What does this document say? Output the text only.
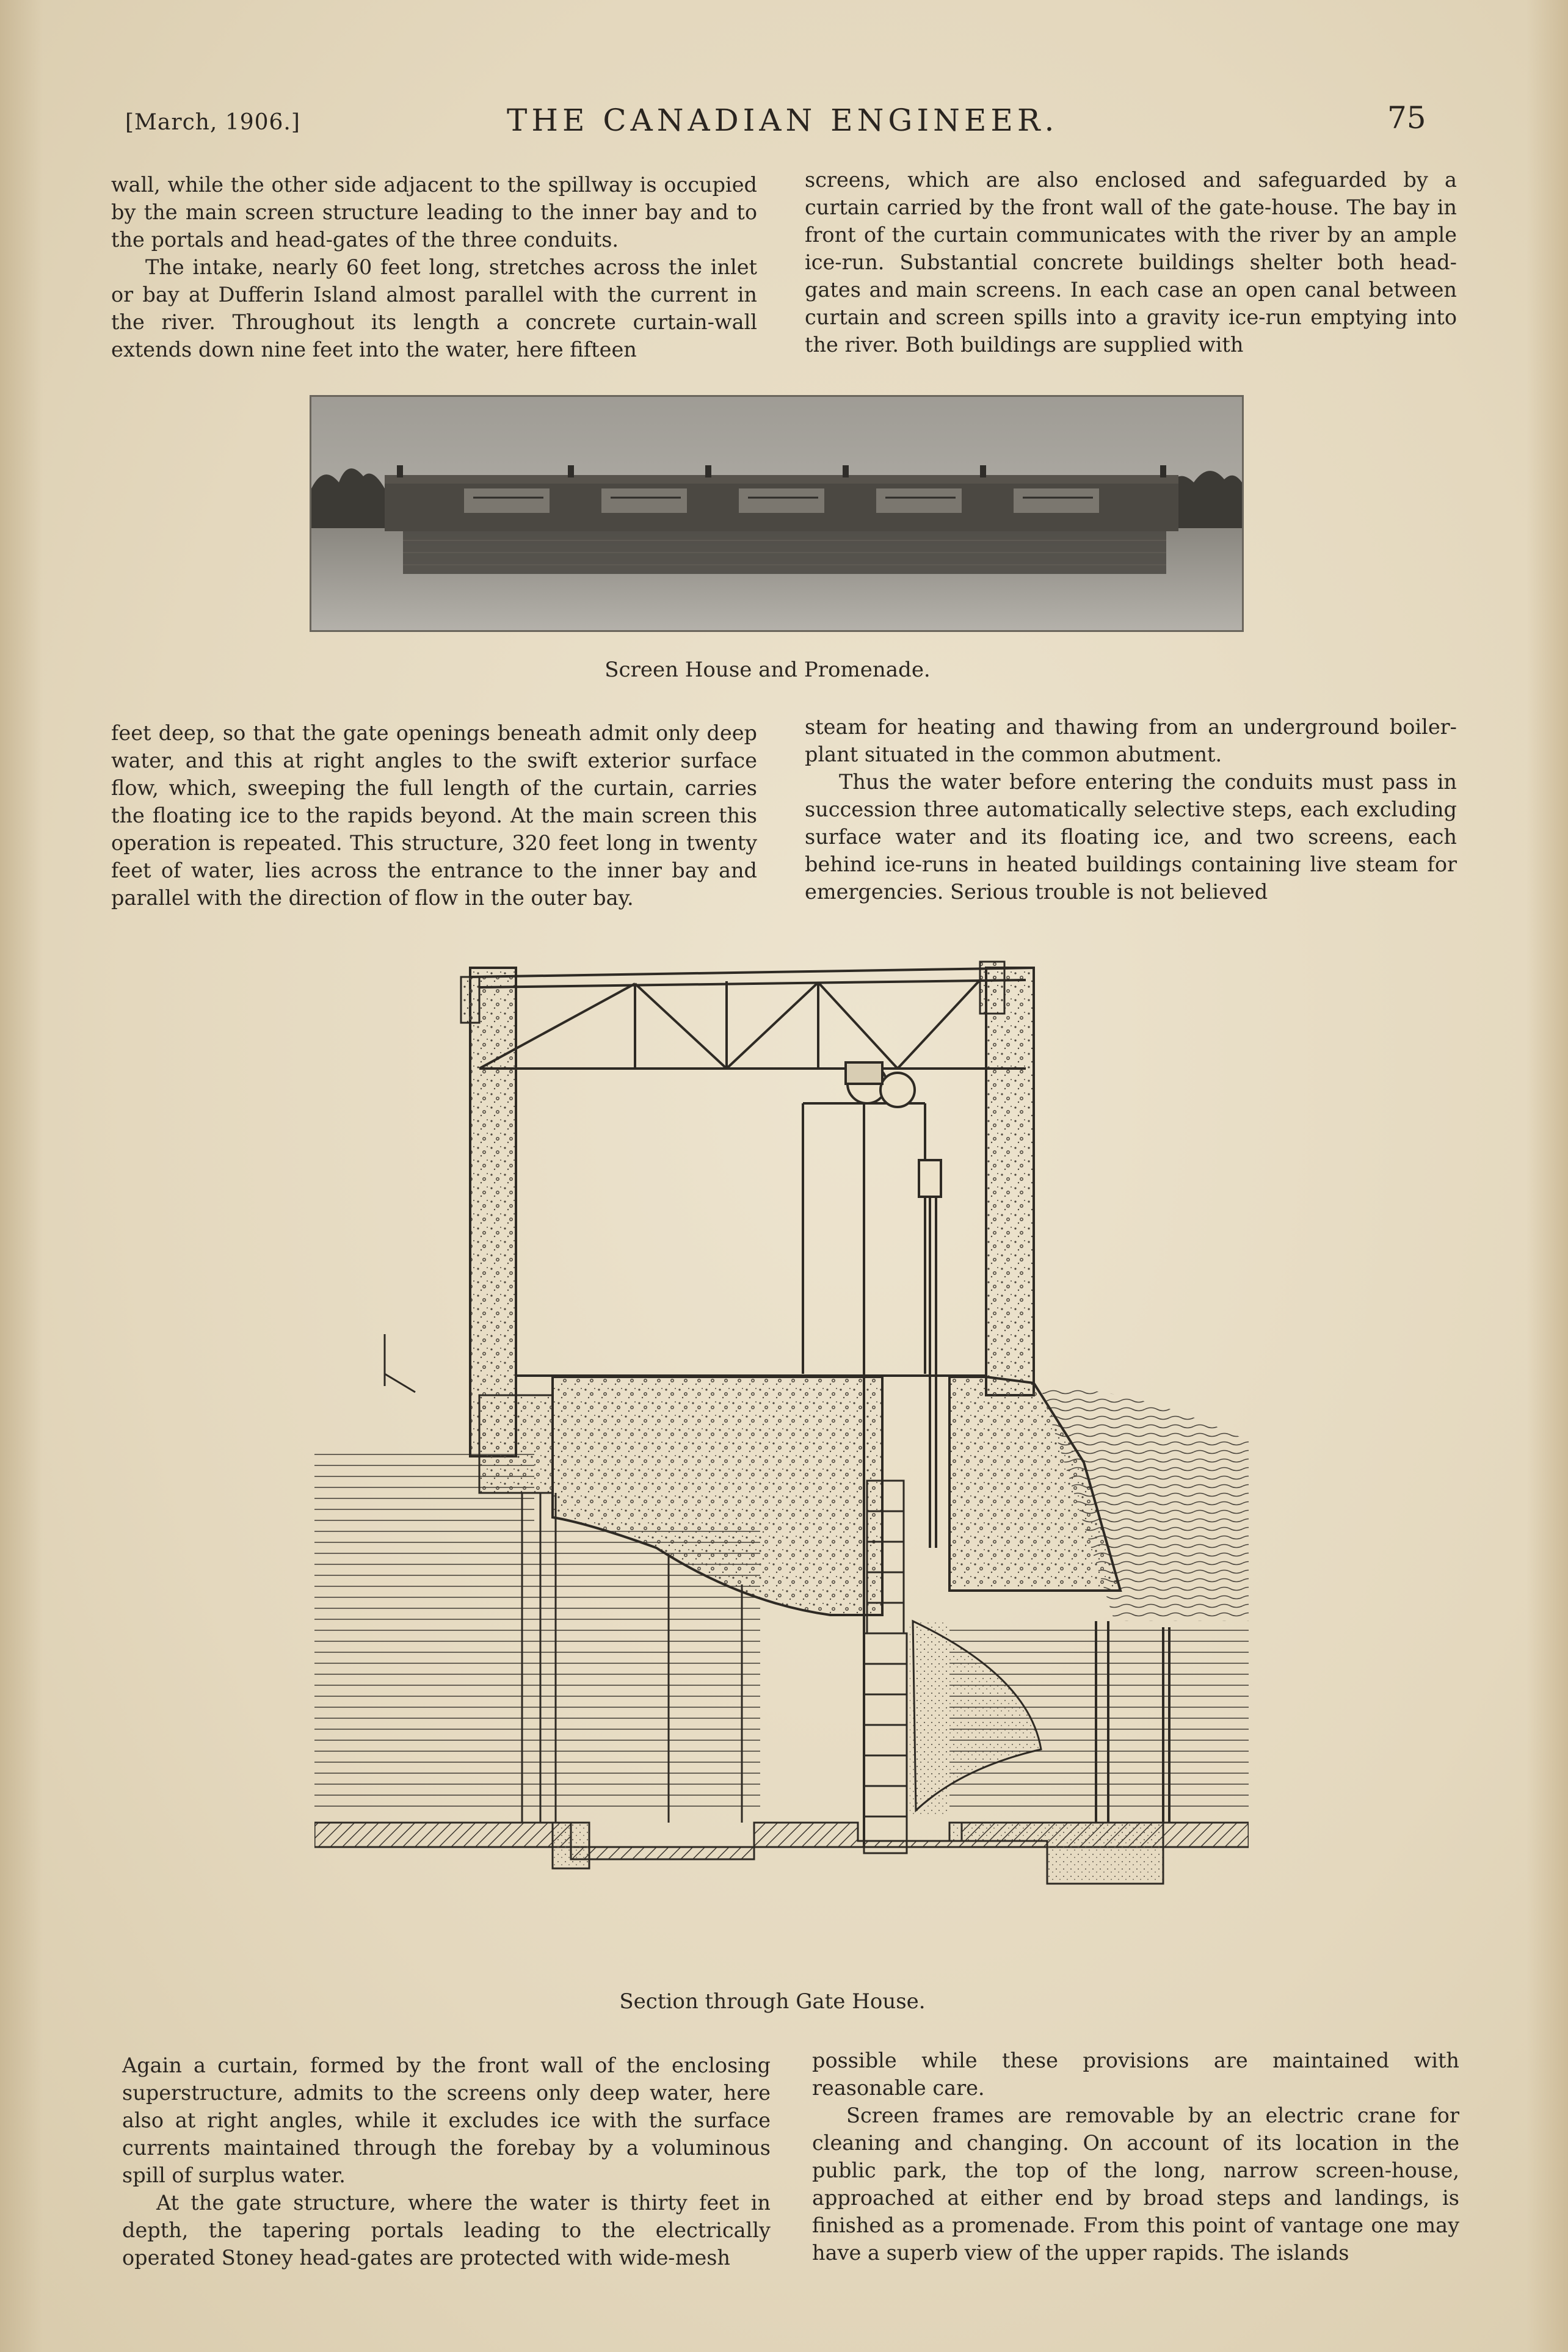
[March, 1906.]	THE CANADIAN ENGINEER.	75

wall, while the other side adjacent to the spillway is occupied by the main screen structure leading to the inner bay and to the portals and head-gates of the three conduits.

The intake, nearly 60 feet long, stretches across the inlet or bay at Dufferin Island almost parallel with the current in the river. Throughout its length a concrete curtain-wall extends down nine feet into the water, here fifteen

screens, which are also enclosed and safeguarded by a curtain carried by the front wall of the gate-house. The bay in front of the curtain communicates with the river by an ample ice-run. Substantial concrete buildings shelter both head-gates and main screens. In each case an open canal between curtain and screen spills into a gravity ice-run emptying into the river. Both buildings are supplied with

Screen House and Promenade.

feet deep, so that the gate openings beneath admit only deep water, and this at right angles to the swift exterior surface flow, which, sweeping the full length of the curtain, carries the floating ice to the rapids beyond. At the main screen this operation is repeated. This structure, 320 feet long in twenty feet of water, lies across the entrance to the inner bay and parallel with the direction of flow in the outer bay.

steam for heating and thawing from an underground boiler-plant situated in the common abutment.

Thus the water before entering the conduits must pass in succession three automatically selective steps, each excluding surface water and its floating ice, and two screens, each behind ice-runs in heated buildings containing live steam for emergencies. Serious trouble is not believed

Section through Gate House.

Again a curtain, formed by the front wall of the enclosing superstructure, admits to the screens only deep water, here also at right angles, while it excludes ice with the surface currents maintained through the forebay by a voluminous spill of surplus water.

At the gate structure, where the water is thirty feet in depth, the tapering portals leading to the electrically operated Stoney head-gates are protected with wide-mesh

possible while these provisions are maintained with reasonable care.

Screen frames are removable by an electric crane for cleaning and changing. On account of its location in the public park, the top of the long, narrow screen-house, approached at either end by broad steps and landings, is finished as a promenade. From this point of vantage one may have a superb view of the upper rapids. The islands
